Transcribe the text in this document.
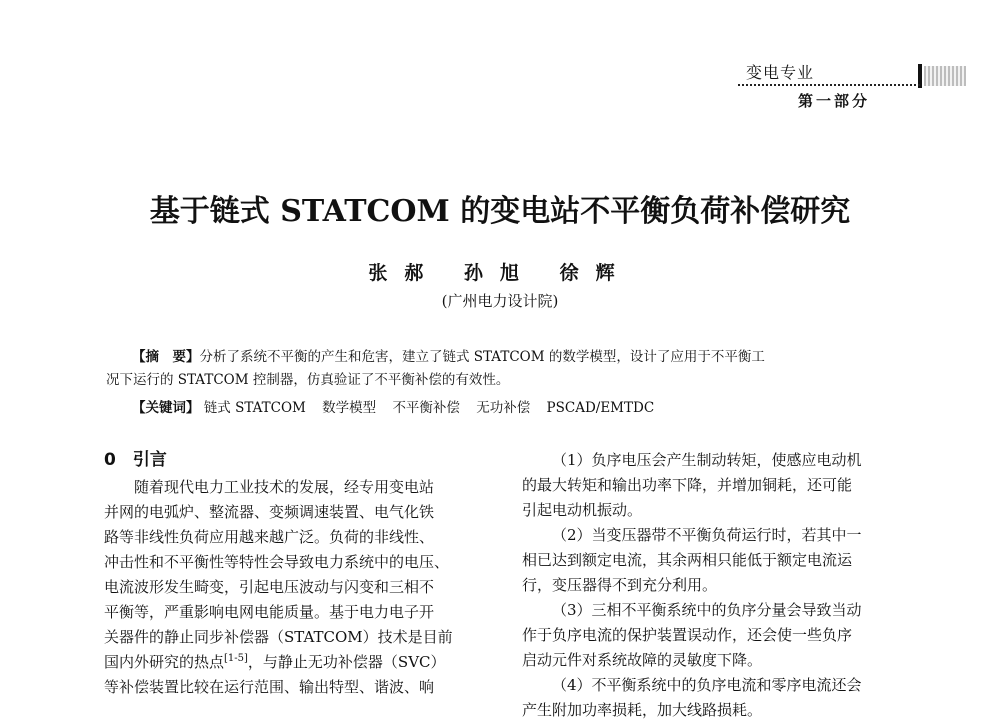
变电专业
第一部分
基于链式 STATCOM 的变电站不平衡负荷补偿研究
张郝 孙旭 徐辉
(广州电力设计院)
【摘　要】分析了系统不平衡的产生和危害，建立了链式 STATCOM 的数学模型，设计了应用于不平衡工
况下运行的 STATCOM 控制器，仿真验证了不平衡补偿的有效性。
【关键词】 链式 STATCOM 数学模型 不平衡补偿 无功补偿 PSCAD/EMTDC
0　引言
随着现代电力工业技术的发展，经专用变电站
并网的电弧炉、整流器、变频调速装置、电气化铁
路等非线性负荷应用越来越广泛。负荷的非线性、
冲击性和不平衡性等特性会导致电力系统中的电压、
电流波形发生畸变，引起电压波动与闪变和三相不
平衡等，严重影响电网电能质量。基于电力电子开
关器件的静止同步补偿器（STATCOM）技术是目前
国内外研究的热点[1-5]，与静止无功补偿器（SVC）
等补偿装置比较在运行范围、输出特型、谐波、响
（1）负序电压会产生制动转矩，使感应电动机
的最大转矩和输出功率下降，并增加铜耗，还可能
引起电动机振动。
（2）当变压器带不平衡负荷运行时，若其中一
相已达到额定电流，其余两相只能低于额定电流运
行，变压器得不到充分利用。
（3）三相不平衡系统中的负序分量会导致当动
作于负序电流的保护装置误动作，还会使一些负序
启动元件对系统故障的灵敏度下降。
（4）不平衡系统中的负序电流和零序电流还会
产生附加功率损耗，加大线路损耗。
